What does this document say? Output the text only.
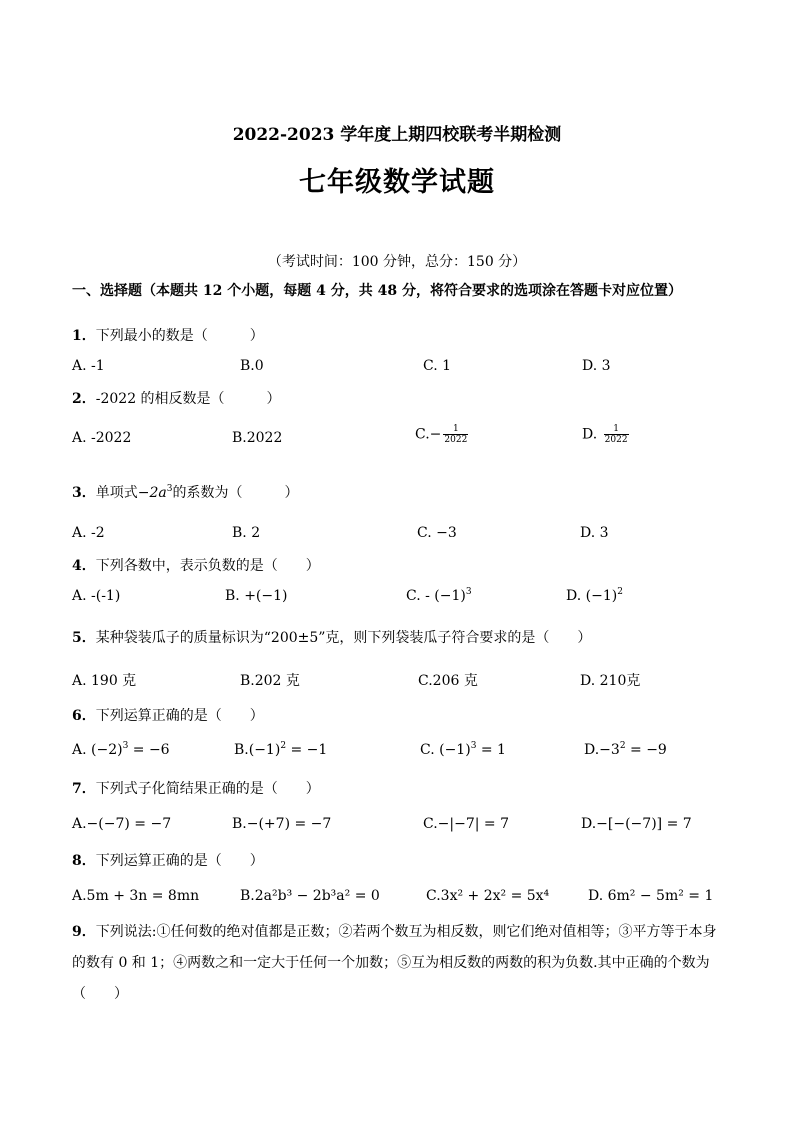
2022-2023 学年度上期四校联考半期检测
七年级数学试题
（考试时间：100 分钟，总分：150 分）
一、选择题（本题共 12 个小题，每题 4 分，共 48 分，将符合要求的选项涂在答题卡对应位置）
1．下列最小的数是（　　　）
A. -1	B.0	C. 1	D. 3
2．-2022 的相反数是（　　　）
A. -2022	B.2022	$C.- \frac{1}{2022}$	D. $\frac{1}{2022}$
3．单项式$-2a^3$的系数为（　　　）
A. -2	B. 2	C. −3	D. 3
4．下列各数中，表示负数的是（　　）
A. -(-1)	B. +(−1)	C. - $(-1)^3$	D. $(-1)^2$
5．某种袋装瓜子的质量标识为“200±5”克，则下列袋装瓜子符合要求的是（　　）
A. 190 克	B.202 克	C.206 克	D. 210克
6．下列运算正确的是（　　）
A. $(-2)^3 = -6$	$B.(-1)^2 = -1$	C. $(-1)^3 = 1$	$D.-3^2 = -9$
7．下列式子化简结果正确的是（　　）
A.−(−7) = −7	B.−(+7) = −7	C.−|−7| = 7	D.−[−(−7)] = 7
8．下列运算正确的是（　　）
A.5m + 3n = 8mn	B.2a²b³ − 2b³a² = 0	C.3x² + 2x² = 5x⁴	D. 6m² − 5m² = 1
9．下列说法:①任何数的绝对值都是正数；②若两个数互为相反数，则它们绝对值相等；③平方等于本身的数有 0 和 1；④两数之和一定大于任何一个加数；⑤互为相反数的两数的积为负数.其中正确的个数为（　　）
